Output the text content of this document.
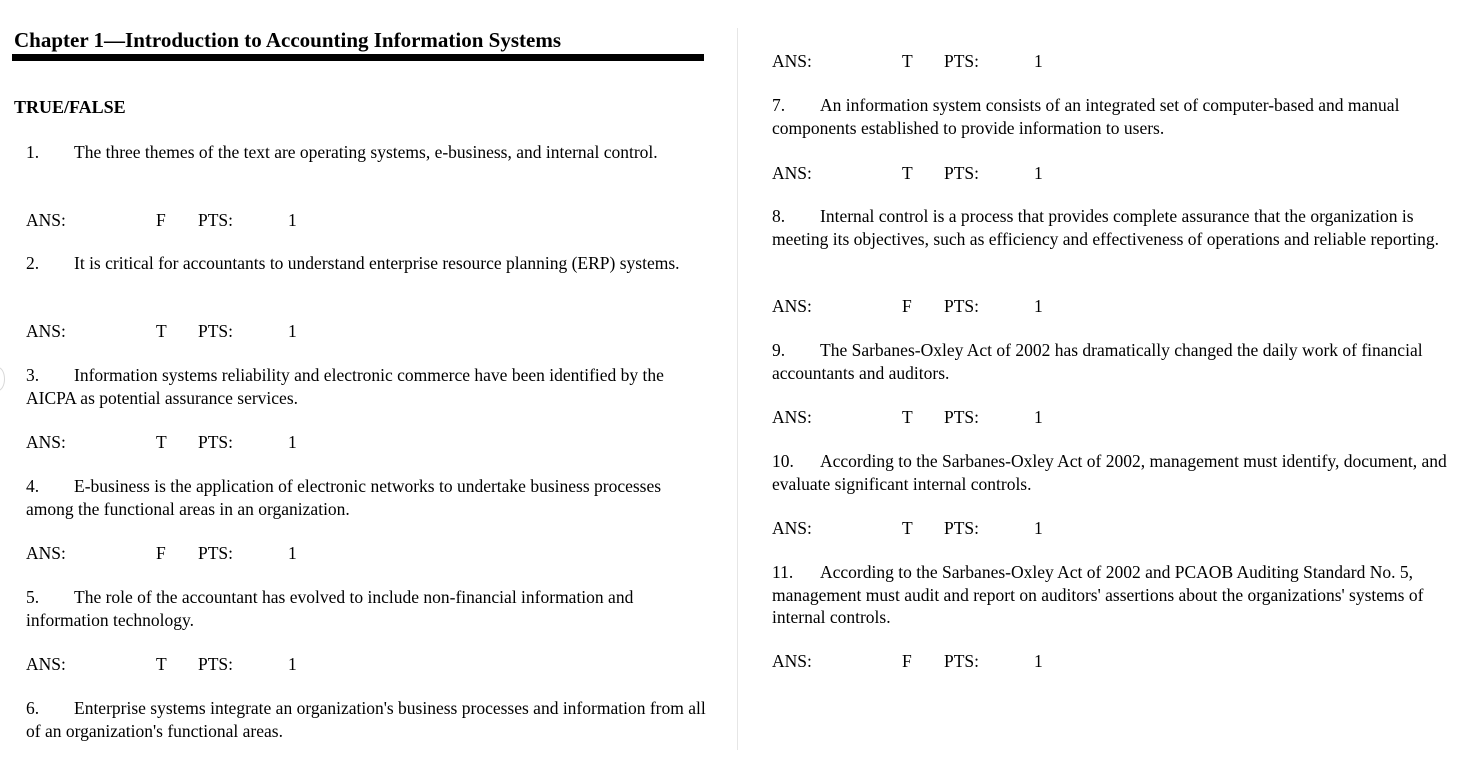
Chapter 1—Introduction to Accounting Information Systems
TRUE/FALSE
1. The three themes of the text are operating systems, e-business, and internal control.
ANS:	F PTS:	1
2. It is critical for accountants to understand enterprise resource planning (ERP) systems.
ANS:	T PTS:	1
3. Information systems reliability and electronic commerce have been identified by the AICPA as potential assurance services.
ANS:	T PTS:	1
4. E-business is the application of electronic networks to undertake business processes among the functional areas in an organization.
ANS:	F PTS:	1
5. The role of the accountant has evolved to include non-financial information and information technology.
ANS:	T PTS:	1
6. Enterprise systems integrate an organization's business processes and information from all of an organization's functional areas.
ANS:	T PTS:	1
7. An information system consists of an integrated set of computer-based and manual components established to provide information to users.
ANS:	T PTS:	1
8. Internal control is a process that provides complete assurance that the organization is meeting its objectives, such as efficiency and effectiveness of operations and reliable reporting.
ANS:	F PTS:	1
9. The Sarbanes-Oxley Act of 2002 has dramatically changed the daily work of financial accountants and auditors.
ANS:	T PTS:	1
10. According to the Sarbanes-Oxley Act of 2002, management must identify, document, and evaluate significant internal controls.
ANS:	T PTS:	1
11. According to the Sarbanes-Oxley Act of 2002 and PCAOB Auditing Standard No. 5, management must audit and report on auditors' assertions about the organizations' systems of internal controls.
ANS:	F PTS:	1
